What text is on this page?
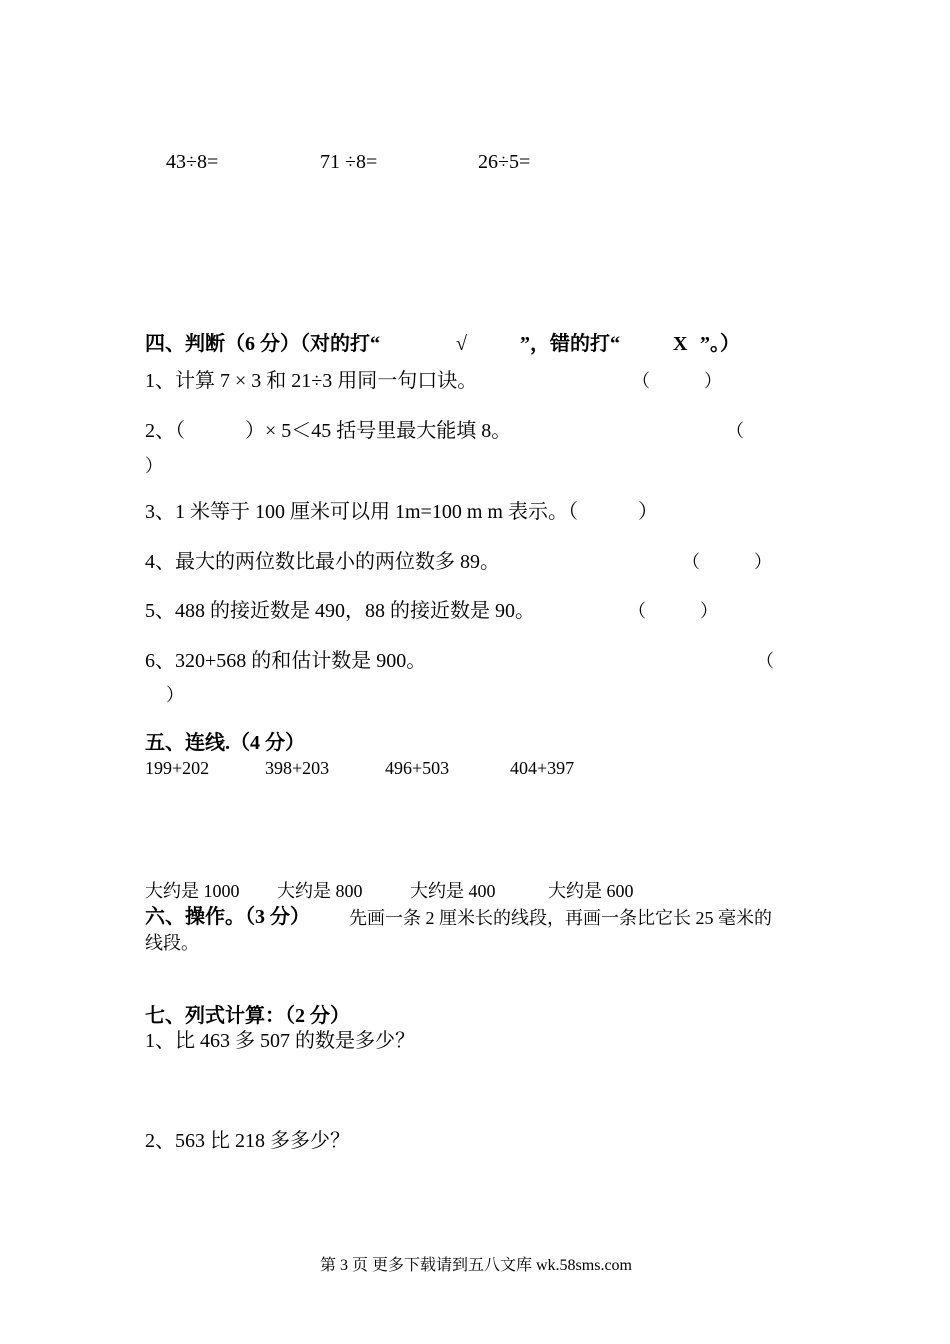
43÷8=	71 ÷8=	26÷5=
四、判断（6 分）（对的打“	√	”，错的打“	X ”。）
1、计算 7 × 3 和 21÷3 用同一句口诀。	（　　　）
2、（　　　）× 5＜45 括号里最大能填 8。	（
）
3、1 米等于 100 厘米可以用 1m=100 m m 表示。（　　　）
4、最大的两位数比最小的两位数多 89。	（　　　）
5、488 的接近数是 490，88 的接近数是 90。	（　　　）
6、320+568 的和估计数是 900。	（
）
五、连线.（4 分）
199+202	398+203	496+503	404+397
大约是 1000 大约是 800	大约是 400	大约是 600
六、操作。（3 分） 先画一条 2 厘米长的线段，再画一条比它长 25 毫米的
线段。
七、列式计算：（2 分）
1、比 463 多 507 的数是多少？
2、563 比 218 多多少？
第 3 页 更多下载请到五八文库 wk.58sms.com
